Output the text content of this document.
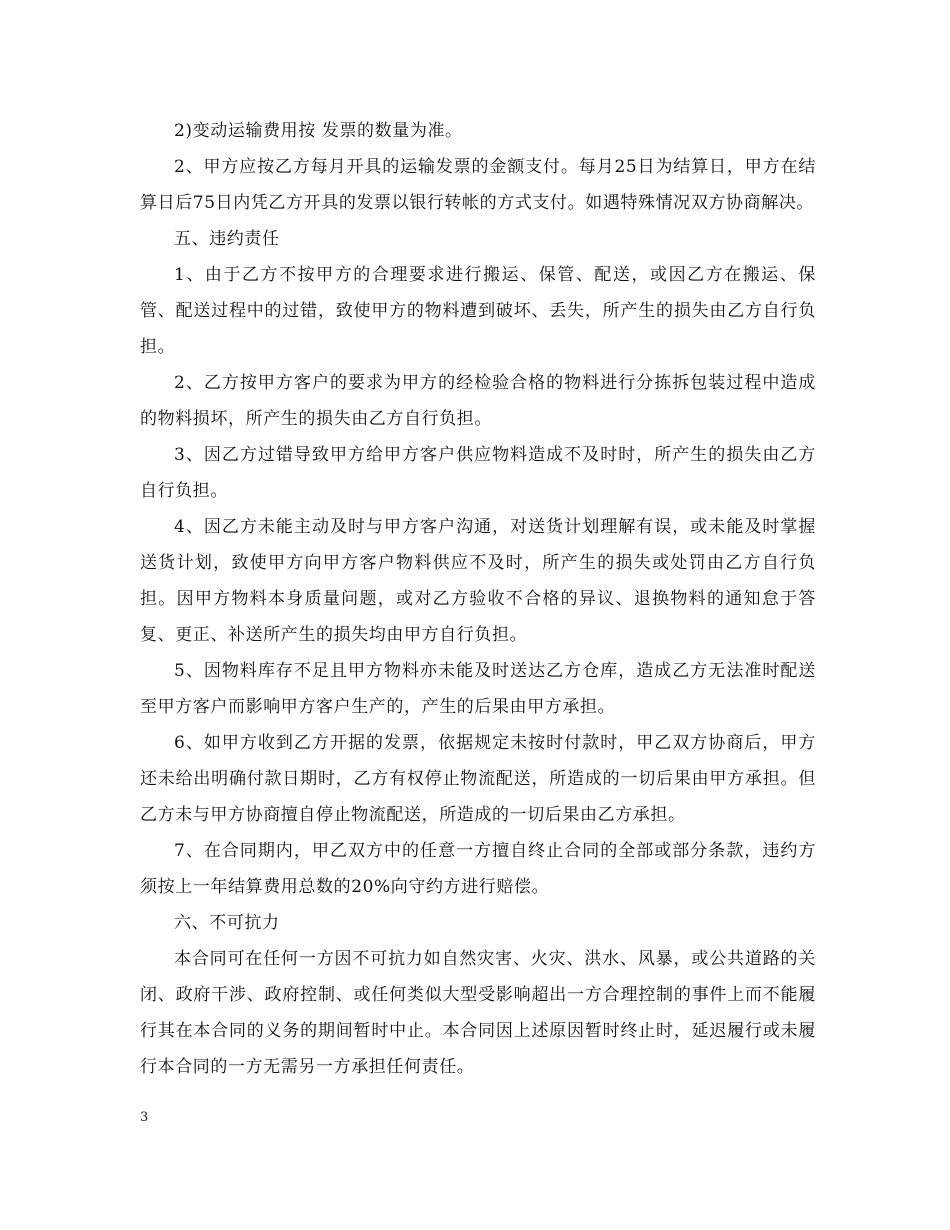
2)变动运输费用按 发票的数量为准。

2、甲方应按乙方每月开具的运输发票的金额支付。每月25日为结算日，甲方在结算日后75日内凭乙方开具的发票以银行转帐的方式支付。如遇特殊情况双方协商解决。

五、违约责任

1、由于乙方不按甲方的合理要求进行搬运、保管、配送，或因乙方在搬运、保管、配送过程中的过错，致使甲方的物料遭到破坏、丢失，所产生的损失由乙方自行负担。

2、乙方按甲方客户的要求为甲方的经检验合格的物料进行分拣拆包装过程中造成的物料损坏，所产生的损失由乙方自行负担。

3、因乙方过错导致甲方给甲方客户供应物料造成不及时时，所产生的损失由乙方自行负担。

4、因乙方未能主动及时与甲方客户沟通，对送货计划理解有误，或未能及时掌握送货计划，致使甲方向甲方客户物料供应不及时，所产生的损失或处罚由乙方自行负担。因甲方物料本身质量问题，或对乙方验收不合格的异议、退换物料的通知怠于答复、更正、补送所产生的损失均由甲方自行负担。

5、因物料库存不足且甲方物料亦未能及时送达乙方仓库，造成乙方无法准时配送至甲方客户而影响甲方客户生产的，产生的后果由甲方承担。

6、如甲方收到乙方开据的发票，依据规定未按时付款时，甲乙双方协商后，甲方还未给出明确付款日期时，乙方有权停止物流配送，所造成的一切后果由甲方承担。但乙方未与甲方协商擅自停止物流配送，所造成的一切后果由乙方承担。

7、在合同期内，甲乙双方中的任意一方擅自终止合同的全部或部分条款，违约方须按上一年结算费用总数的20%向守约方进行赔偿。

六、不可抗力

本合同可在任何一方因不可抗力如自然灾害、火灾、洪水、风暴，或公共道路的关闭、政府干涉、政府控制、或任何类似大型受影响超出一方合理控制的事件上而不能履行其在本合同的义务的期间暂时中止。本合同因上述原因暂时终止时，延迟履行或未履行本合同的一方无需另一方承担任何责任。

3
